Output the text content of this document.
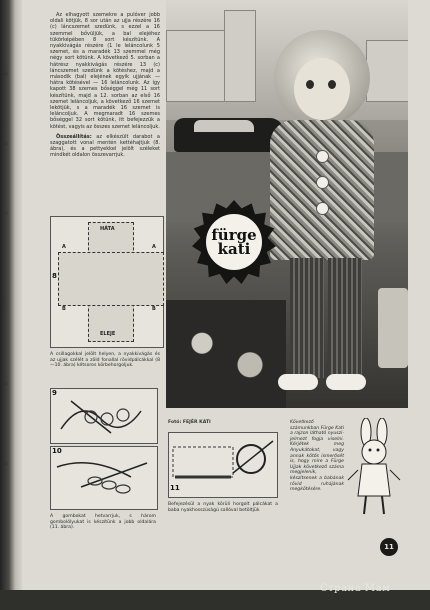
a
a
a
l
a
a

Az elhagyott szemekre a pulóver jobb oldali kötjük, 8 sor után az ujja részére 16 (c) láncszemet szedünk, s ezzel a 16 szemmel bővüljük, a bal elejéhez tükörképében 8 sort készítünk. A nyakkivágás részére (1 le leláncolunk 5 szemet, és a maradék 13 szemmel még négy sort kötünk. A következő 5. sorban a hátrész nyakkivágás részére 13 (c) láncszemet szedünk a kötéshez, majd a második (bal) elejének egyik ujjának — hátra kötésével — 16 leláncolunk. Az így kapott 38 szemes bőséggel még 11 sort készítünk, majd a 12. sorban az első 16 szemet leláncoljuk, a következő 16 szemet lekötjük, s a maradék 16 szemet is leláncoljuk. A megmaradt 16 szemes bőséggel 32 sort kötünk, itt befejezzük a kötést, vagyis az összes szemet leláncoljuk.

Összeállítás: az elkészült darabot a szaggatott vonal mentén kettéhajtjuk (8. ábra), és a pettyekkel jelölt széleket mindkét oldalon összevarrjuk.

HÁTA
ELEJE
A	A
B	B
8
A csillagokkal jelölt helyen, a nyakkivágás és az ujjak szélét a zöld fonallal rövidpálcákkal (8—10. ábra) kétsoros körbehorgoljuk.
9
10
A gombokat hetvarrjuk, s három gombolólyukat is készítünk a jobb oldalára (11. ábra).
fürge
kati
Fotó: FEJÉR KATI
11
Befejezésül a nyak körüli horgolt pálcákat a baba nyakhosszúságú sallóval betöltjük
Következő számunkban Fürge Kati a rajzon látható nyuszi-jelmezt fogja viselni. Kérjétek meg Anyukátokat, vagy annak kötős ismerősét is, hogy mire a Fürge Ujjak következő száma megjelenik, készítsenek a babának rövid ruhájának megkötésére.
11
Страна Мам
